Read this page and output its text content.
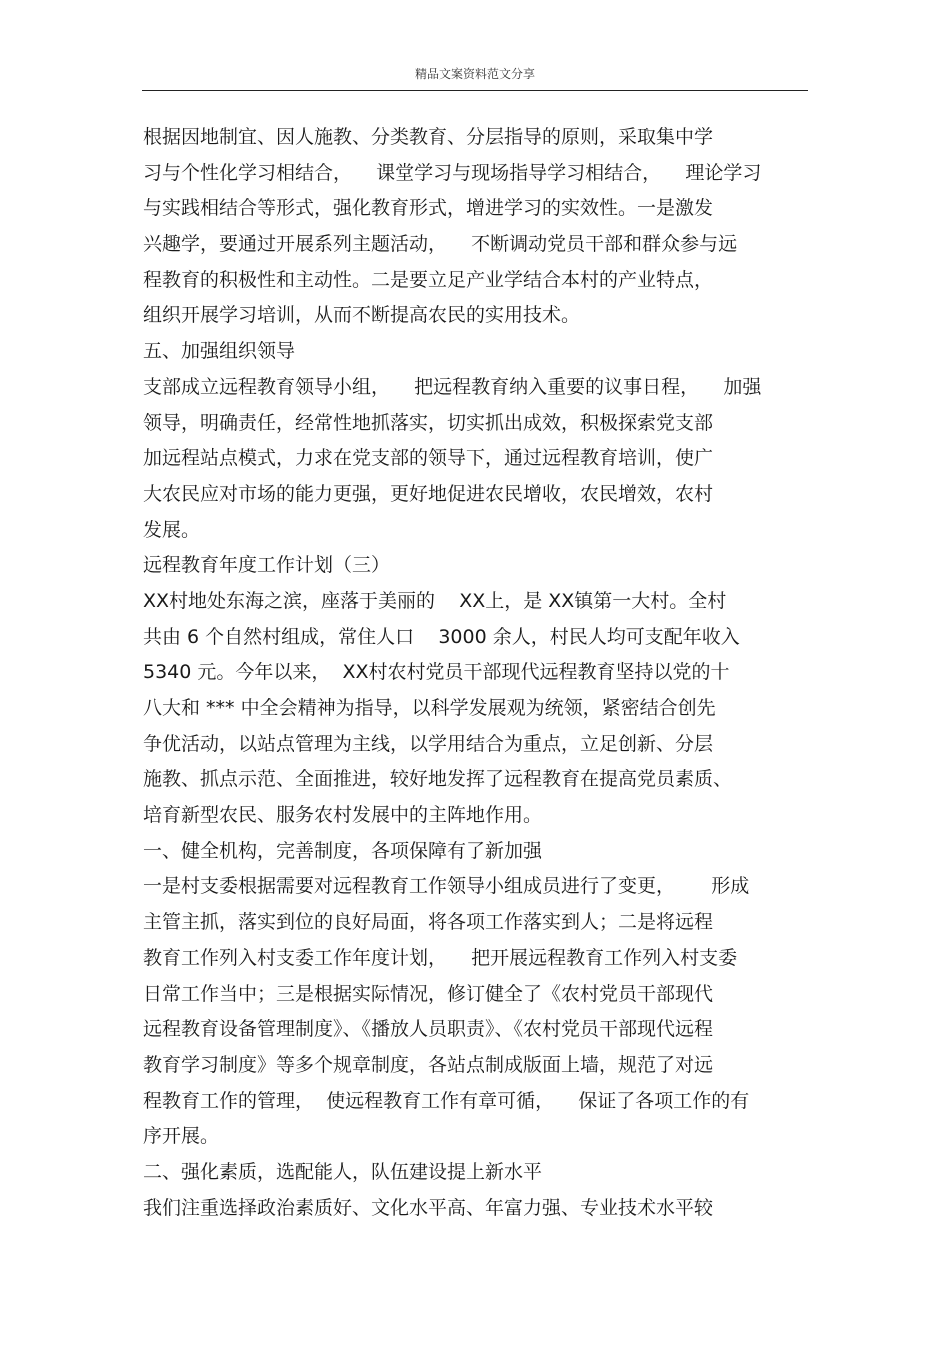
精品文案资料范文分享
根据因地制宜、因人施教、分类教育、分层指导的原则，采取集中学
习与个性化学习相结合，    课堂学习与现场指导学习相结合，    理论学习
与实践相结合等形式，强化教育形式，增进学习的实效性。一是激发
兴趣学，要通过开展系列主题活动，    不断调动党员干部和群众参与远
程教育的积极性和主动性。二是要立足产业学结合本村的产业特点，
组织开展学习培训，从而不断提高农民的实用技术。
五、加强组织领导
支部成立远程教育领导小组，    把远程教育纳入重要的议事日程，    加强
领导，明确责任，经常性地抓落实，切实抓出成效，积极探索党支部
加远程站点模式，力求在党支部的领导下，通过远程教育培训，使广
大农民应对市场的能力更强，更好地促进农民增收，农民增效，农村
发展。
远程教育年度工作计划（三）
XX村地处东海之滨，座落于美丽的    XX上，是 XX镇第一大村。全村
共由 6 个自然村组成，常住人口    3000 余人，村民人均可支配年收入
5340 元。今年以来，  XX村农村党员干部现代远程教育坚持以党的十
八大和 *** 中全会精神为指导，以科学发展观为统领，紧密结合创先
争优活动，以站点管理为主线，以学用结合为重点，立足创新、分层
施教、抓点示范、全面推进，较好地发挥了远程教育在提高党员素质、
培育新型农民、服务农村发展中的主阵地作用。
一、健全机构，完善制度，各项保障有了新加强
一是村支委根据需要对远程教育工作领导小组成员进行了变更，      形成
主管主抓，落实到位的良好局面，将各项工作落实到人；二是将远程
教育工作列入村支委工作年度计划，    把开展远程教育工作列入村支委
日常工作当中；三是根据实际情况，修订健全了《农村党员干部现代
远程教育设备管理制度》、《播放人员职责》、《农村党员干部现代远程
教育学习制度》等多个规章制度，各站点制成版面上墙，规范了对远
程教育工作的管理，  使远程教育工作有章可循，    保证了各项工作的有
序开展。
二、强化素质，选配能人，队伍建设提上新水平
我们注重选择政治素质好、文化水平高、年富力强、专业技术水平较
